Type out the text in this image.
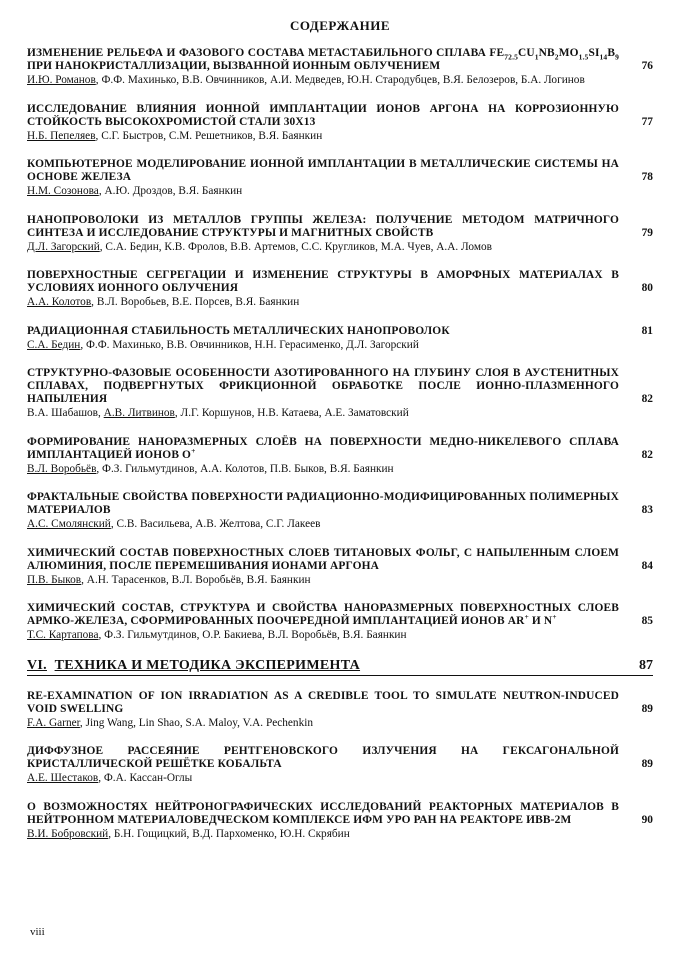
СОДЕРЖАНИЕ
ИЗМЕНЕНИЕ РЕЛЬЕФА И ФАЗОВОГО СОСТАВА МЕТАСТАБИЛЬНОГО СПЛАВА $FE_{72.5}CU_1NB_2MO_{1.5}SI_{14}B_9$ ПРИ НАНОКРИСТАЛЛИЗАЦИИ, ВЫЗВАННОЙ ИОННЫМ ОБЛУЧЕНИЕМ	76
И.Ю. Романов, Ф.Ф. Махинько, В.В. Овчинников, А.И. Медведев, Ю.Н. Стародубцев, В.Я. Белозеров, Б.А. Логинов
ИССЛЕДОВАНИЕ ВЛИЯНИЯ ИОННОЙ ИМПЛАНТАЦИИ ИОНОВ АРГОНА НА КОРРОЗИОННУЮ СТОЙКОСТЬ ВЫСОКОХРОМИСТОЙ СТАЛИ 30Х13	77
Н.Б. Пепеляев, С.Г. Быстров, С.М. Решетников, В.Я. Баянкин
КОМПЬЮТЕРНОЕ МОДЕЛИРОВАНИЕ ИОННОЙ ИМПЛАНТАЦИИ В МЕТАЛЛИЧЕСКИЕ СИСТЕМЫ НА ОСНОВЕ ЖЕЛЕЗА	78
Н.М. Созонова, А.Ю. Дроздов, В.Я. Баянкин
НАНОПРОВОЛОКИ ИЗ МЕТАЛЛОВ ГРУППЫ ЖЕЛЕЗА: ПОЛУЧЕНИЕ МЕТОДОМ МАТРИЧНОГО СИНТЕЗА И ИССЛЕДОВАНИЕ СТРУКТУРЫ И МАГНИТНЫХ СВОЙСТВ	79
Д.Л. Загорский, С.А. Бедин, К.В. Фролов, В.В. Артемов, С.С. Кругликов, М.А. Чуев, А.А. Ломов
ПОВЕРХНОСТНЫЕ СЕГРЕГАЦИИ И ИЗМЕНЕНИЕ СТРУКТУРЫ В АМОРФНЫХ МАТЕРИАЛАХ В УСЛОВИЯХ ИОННОГО ОБЛУЧЕНИЯ	80
А.А. Колотов, В.Л. Воробьев, В.Е. Порсев, В.Я. Баянкин
РАДИАЦИОННАЯ СТАБИЛЬНОСТЬ МЕТАЛЛИЧЕСКИХ НАНОПРОВОЛОК	81
С.А. Бедин, Ф.Ф. Махинько, В.В. Овчинников, Н.Н. Герасименко, Д.Л. Загорский
СТРУКТУРНО-ФАЗОВЫЕ ОСОБЕННОСТИ АЗОТИРОВАННОГО НА ГЛУБИНУ СЛОЯ В АУСТЕНИТНЫХ СПЛАВАХ, ПОДВЕРГНУТЫХ ФРИКЦИОННОЙ ОБРАБОТКЕ ПОСЛЕ ИОННО-ПЛАЗМЕННОГО НАПЫЛЕНИЯ	82
В.А. Шабашов, А.В. Литвинов, Л.Г. Коршунов, Н.В. Катаева, А.Е. Заматовский
ФОРМИРОВАНИЕ НАНОРАЗМЕРНЫХ СЛОЁВ НА ПОВЕРХНОСТИ МЕДНО-НИКЕЛЕВОГО СПЛАВА ИМПЛАНТАЦИЕЙ ИОНОВ O+	82
В.Л. Воробьёв, Ф.З. Гильмутдинов, А.А. Колотов, П.В. Быков, В.Я. Баянкин
ФРАКТАЛЬНЫЕ СВОЙСТВА ПОВЕРХНОСТИ РАДИАЦИОННО-МОДИФИЦИРОВАННЫХ ПОЛИМЕРНЫХ МАТЕРИАЛОВ	83
А.С. Смолянский, С.В. Васильева, А.В. Желтова, С.Г. Лакеев
ХИМИЧЕСКИЙ СОСТАВ ПОВЕРХНОСТНЫХ СЛОЕВ ТИТАНОВЫХ ФОЛЬГ, С НАПЫЛЕННЫМ СЛОЕМ АЛЮМИНИЯ, ПОСЛЕ ПЕРЕМЕШИВАНИЯ ИОНАМИ АРГОНА	84
П.В. Быков, А.Н. Тарасенков, В.Л. Воробьёв, В.Я. Баянкин
ХИМИЧЕСКИЙ СОСТАВ, СТРУКТУРА И СВОЙСТВА НАНОРАЗМЕРНЫХ ПОВЕРХНОСТНЫХ СЛОЕВ АРМКО-ЖЕЛЕЗА, СФОРМИРОВАННЫХ ПООЧЕРЕДНОЙ ИМПЛАНТАЦИЕЙ ИОНОВ AR+ И N+	85
Т.С. Картапова, Ф.З. Гильмутдинов, О.Р. Бакиева, В.Л. Воробьёв, В.Я. Баянкин
VI. ТЕХНИКА И МЕТОДИКА ЭКСПЕРИМЕНТА	87
RE-EXAMINATION OF ION IRRADIATION AS A CREDIBLE TOOL TO SIMULATE NEUTRON-INDUCED VOID SWELLING	89
F.A. Garner, Jing Wang, Lin Shao, S.A. Maloy, V.A. Pechenkin
ДИФФУЗНОЕ РАССЕЯНИЕ РЕНТГЕНОВСКОГО ИЗЛУЧЕНИЯ НА ГЕКСАГОНАЛЬНОЙ КРИСТАЛЛИЧЕСКОЙ РЕШЁТКЕ КОБАЛЬТА	89
А.Е. Шестаков, Ф.А. Кассан-Оглы
О ВОЗМОЖНОСТЯХ НЕЙТРОНОГРАФИЧЕСКИХ ИССЛЕДОВАНИЙ РЕАКТОРНЫХ МАТЕРИАЛОВ В НЕЙТРОННОМ МАТЕРИАЛОВЕДЧЕСКОМ КОМПЛЕКСЕ ИФМ УРО РАН НА РЕАКТОРЕ ИВВ-2М	90
В.И. Бобровский, Б.Н. Гощицкий, В.Д. Пархоменко, Ю.Н. Скрябин
viii
